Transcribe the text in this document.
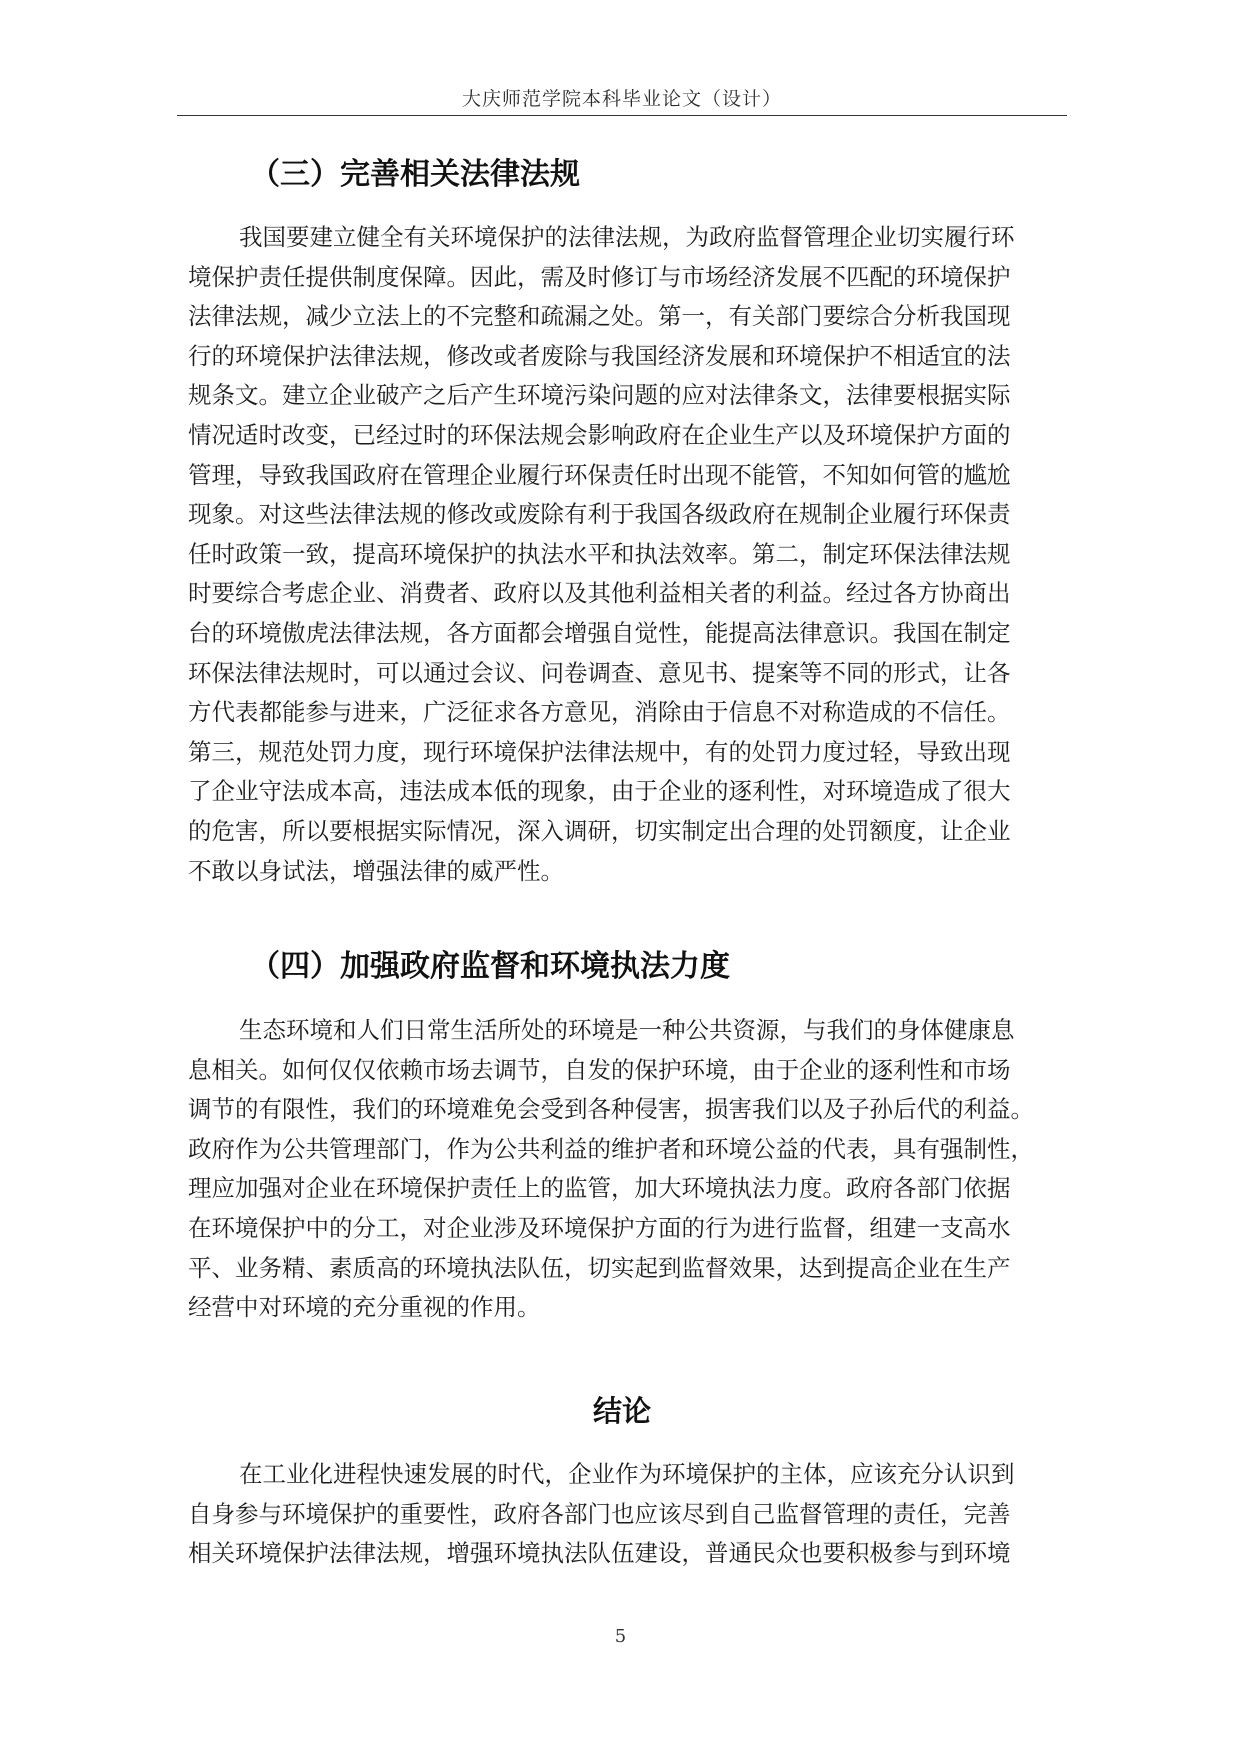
大庆师范学院本科毕业论文（设计）
（三）完善相关法律法规
我国要建立健全有关环境保护的法律法规，为政府监督管理企业切实履行环
境保护责任提供制度保障。因此，需及时修订与市场经济发展不匹配的环境保护
法律法规，减少立法上的不完整和疏漏之处。第一，有关部门要综合分析我国现
行的环境保护法律法规，修改或者废除与我国经济发展和环境保护不相适宜的法
规条文。建立企业破产之后产生环境污染问题的应对法律条文，法律要根据实际
情况适时改变，已经过时的环保法规会影响政府在企业生产以及环境保护方面的
管理，导致我国政府在管理企业履行环保责任时出现不能管，不知如何管的尴尬
现象。对这些法律法规的修改或废除有利于我国各级政府在规制企业履行环保责
任时政策一致，提高环境保护的执法水平和执法效率。第二，制定环保法律法规
时要综合考虑企业、消费者、政府以及其他利益相关者的利益。经过各方协商出
台的环境傲虎法律法规，各方面都会增强自觉性，能提高法律意识。我国在制定
环保法律法规时，可以通过会议、问卷调查、意见书、提案等不同的形式，让各
方代表都能参与进来，广泛征求各方意见，消除由于信息不对称造成的不信任。
第三，规范处罚力度，现行环境保护法律法规中，有的处罚力度过轻，导致出现
了企业守法成本高，违法成本低的现象，由于企业的逐利性，对环境造成了很大
的危害，所以要根据实际情况，深入调研，切实制定出合理的处罚额度，让企业
不敢以身试法，增强法律的威严性。
（四）加强政府监督和环境执法力度
生态环境和人们日常生活所处的环境是一种公共资源，与我们的身体健康息
息相关。如何仅仅依赖市场去调节，自发的保护环境，由于企业的逐利性和市场
调节的有限性，我们的环境难免会受到各种侵害，损害我们以及子孙后代的利益。
政府作为公共管理部门，作为公共利益的维护者和环境公益的代表，具有强制性，
理应加强对企业在环境保护责任上的监管，加大环境执法力度。政府各部门依据
在环境保护中的分工，对企业涉及环境保护方面的行为进行监督，组建一支高水
平、业务精、素质高的环境执法队伍，切实起到监督效果，达到提高企业在生产
经营中对环境的充分重视的作用。
结论
在工业化进程快速发展的时代，企业作为环境保护的主体，应该充分认识到
自身参与环境保护的重要性，政府各部门也应该尽到自己监督管理的责任，完善
相关环境保护法律法规，增强环境执法队伍建设，普通民众也要积极参与到环境
5
